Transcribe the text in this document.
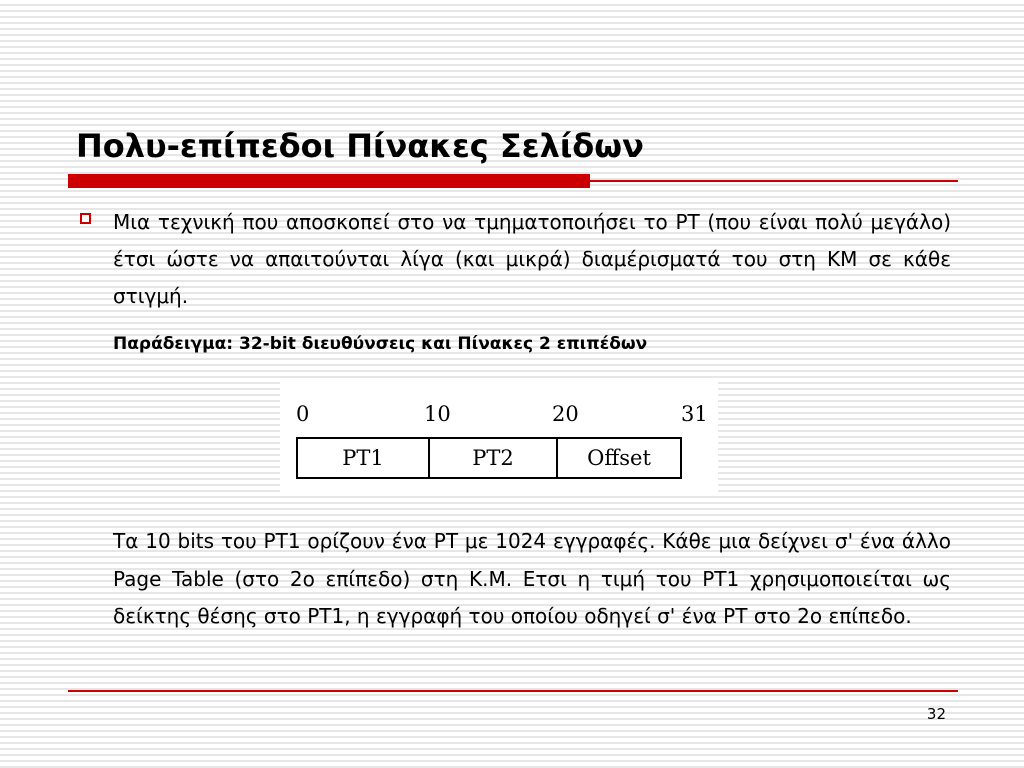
Πολυ-επίπεδοι Πίνακες Σελίδων

Μια τεχνική που αποσκοπεί στο να τμηματοποιήσει το PT (που είναι πολύ μεγάλο) έτσι ώστε να απαιτούνται λίγα (και μικρά) διαμέρισματά του στη ΚΜ σε κάθε στιγμή.

Παράδειγμα: 32-bit διευθύνσεις και Πίνακες 2 επιπέδων

0	10	20	31
PT1	PT2	Offset

Τα 10 bits του PT1 ορίζουν ένα PT με 1024 εγγραφές. Κάθε μια δείχνει σ' ένα άλλο Page Table (στο 2ο επίπεδο) στη Κ.Μ. Ετσι η τιμή του PT1 χρησιμοποιείται ως δείκτης θέσης στο PT1, η εγγραφή του οποίου οδηγεί σ' ένα PT στο 2ο επίπεδο.

32
